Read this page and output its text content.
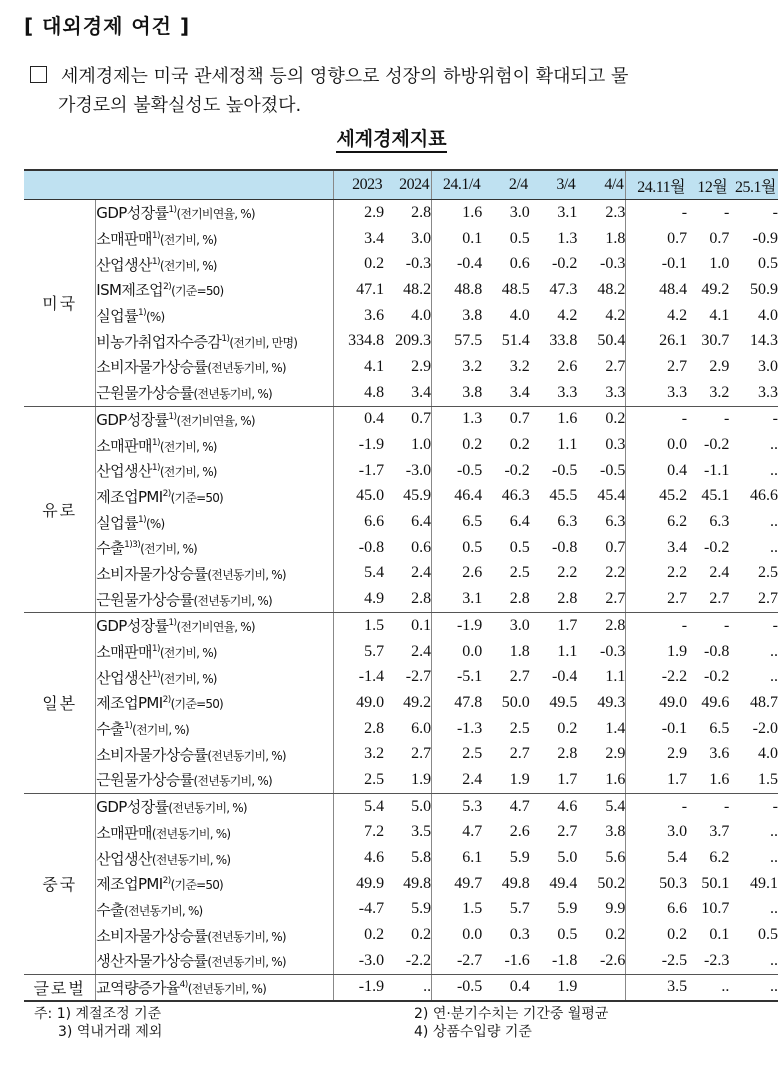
[ 대외경제 여건 ]
세계경제는 미국 관세정책 등의 영향으로 성장의 하방위험이 확대되고 물
가경로의 불확실성도 높아졌다.
세계경제지표
		2023	2024	24.1/4	2/4	3/4	4/4	24.11월	12월	25.1월
미국	GDP성장률$^{1)}$(전기비연율, %)	2.9	2.8	1.6	3.0	3.1	2.3	-	-	-
	소매판매$^{1)}$(전기비, %)	3.4	3.0	0.1	0.5	1.3	1.8	0.7	0.7	-0.9
	산업생산$^{1)}$(전기비, %)	0.2	-0.3	-0.4	0.6	-0.2	-0.3	-0.1	1.0	0.5
	ISM제조업$^{2)}$(기준=50)	47.1	48.2	48.8	48.5	47.3	48.2	48.4	49.2	50.9
	실업률$^{1)}$(%)	3.6	4.0	3.8	4.0	4.2	4.2	4.2	4.1	4.0
	비농가취업자수증감$^{1)}$(전기비, 만명)	334.8	209.3	57.5	51.4	33.8	50.4	26.1	30.7	14.3
	소비자물가상승률(전년동기비, %)	4.1	2.9	3.2	3.2	2.6	2.7	2.7	2.9	3.0
	근원물가상승률(전년동기비, %)	4.8	3.4	3.8	3.4	3.3	3.3	3.3	3.2	3.3
유로	GDP성장률$^{1)}$(전기비연율, %)	0.4	0.7	1.3	0.7	1.6	0.2	-	-	-
	소매판매$^{1)}$(전기비, %)	-1.9	1.0	0.2	0.2	1.1	0.3	0.0	-0.2	..
	산업생산$^{1)}$(전기비, %)	-1.7	-3.0	-0.5	-0.2	-0.5	-0.5	0.4	-1.1	..
	제조업PMI$^{2)}$(기준=50)	45.0	45.9	46.4	46.3	45.5	45.4	45.2	45.1	46.6
	실업률$^{1)}$(%)	6.6	6.4	6.5	6.4	6.3	6.3	6.2	6.3	..
	수출$^{1)3)}$(전기비, %)	-0.8	0.6	0.5	0.5	-0.8	0.7	3.4	-0.2	..
	소비자물가상승률(전년동기비, %)	5.4	2.4	2.6	2.5	2.2	2.2	2.2	2.4	2.5
	근원물가상승률(전년동기비, %)	4.9	2.8	3.1	2.8	2.8	2.7	2.7	2.7	2.7
일본	GDP성장률$^{1)}$(전기비연율, %)	1.5	0.1	-1.9	3.0	1.7	2.8	-	-	-
	소매판매$^{1)}$(전기비, %)	5.7	2.4	0.0	1.8	1.1	-0.3	1.9	-0.8	..
	산업생산$^{1)}$(전기비, %)	-1.4	-2.7	-5.1	2.7	-0.4	1.1	-2.2	-0.2	..
	제조업PMI$^{2)}$(기준=50)	49.0	49.2	47.8	50.0	49.5	49.3	49.0	49.6	48.7
	수출$^{1)}$(전기비, %)	2.8	6.0	-1.3	2.5	0.2	1.4	-0.1	6.5	-2.0
	소비자물가상승률(전년동기비, %)	3.2	2.7	2.5	2.7	2.8	2.9	2.9	3.6	4.0
	근원물가상승률(전년동기비, %)	2.5	1.9	2.4	1.9	1.7	1.6	1.7	1.6	1.5
중국	GDP성장률(전년동기비, %)	5.4	5.0	5.3	4.7	4.6	5.4	-	-	-
	소매판매(전년동기비, %)	7.2	3.5	4.7	2.6	2.7	3.8	3.0	3.7	..
	산업생산(전년동기비, %)	4.6	5.8	6.1	5.9	5.0	5.6	5.4	6.2	..
	제조업PMI$^{2)}$(기준=50)	49.9	49.8	49.7	49.8	49.4	50.2	50.3	50.1	49.1
	수출(전년동기비, %)	-4.7	5.9	1.5	5.7	5.9	9.9	6.6	10.7	..
	소비자물가상승률(전년동기비, %)	0.2	0.2	0.0	0.3	0.5	0.2	0.2	0.1	0.5
	생산자물가상승률(전년동기비, %)	-3.0	-2.2	-2.7	-1.6	-1.8	-2.6	-2.5	-2.3	..
글로벌	교역량증가율$^{4)}$(전년동기비, %)	-1.9	..	-0.5	0.4	1.9		3.5	..	..
주: 1) 계절조정 기준	2) 연·분기수치는 기간중 월평균
3) 역내거래 제외	4) 상품수입량 기준
